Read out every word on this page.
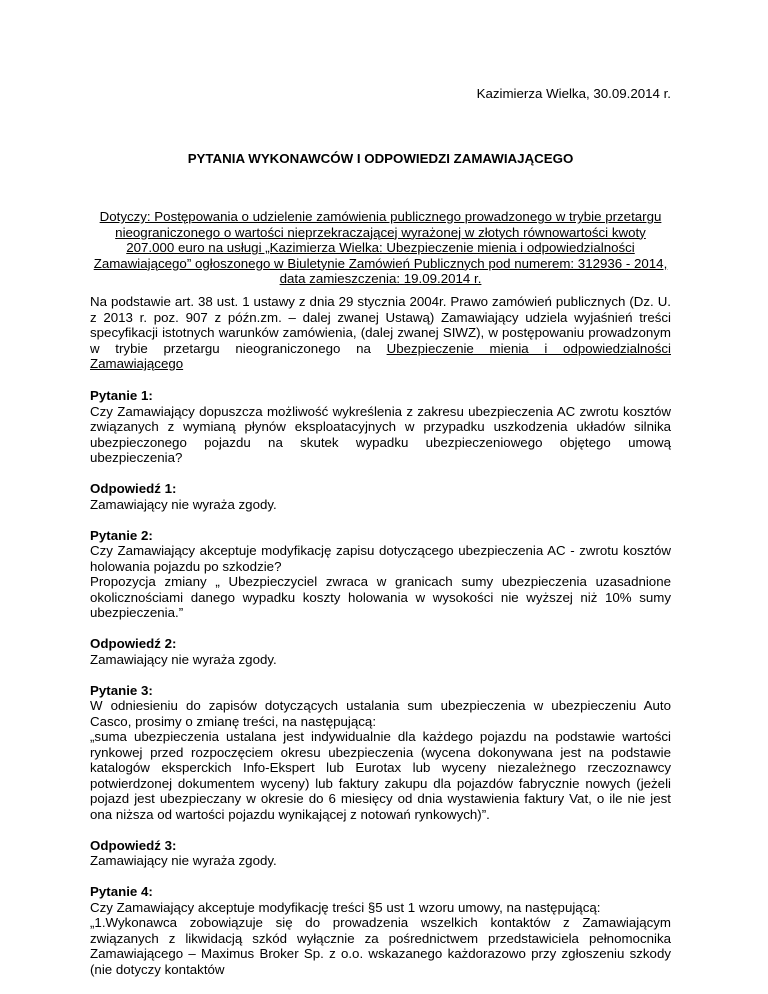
Kazimierza Wielka, 30.09.2014 r.
PYTANIA WYKONAWCÓW I ODPOWIEDZI ZAMAWIAJĄCEGO
Dotyczy: Postępowania o udzielenie zamówienia publicznego prowadzonego w trybie przetargu nieograniczonego o wartości nieprzekraczającej wyrażonej w złotych równowartości kwoty 207.000 euro na usługi „Kazimierza Wielka: Ubezpieczenie mienia i odpowiedzialności Zamawiającego” ogłoszonego w Biuletynie Zamówień Publicznych pod numerem: 312936 - 2014, data zamieszczenia: 19.09.2014 r.
Na podstawie art. 38 ust. 1 ustawy z dnia 29 stycznia 2004r. Prawo zamówień publicznych (Dz. U. z 2013 r. poz. 907 z późn.zm. – dalej zwanej Ustawą) Zamawiający udziela wyjaśnień treści specyfikacji istotnych warunków zamówienia, (dalej zwanej SIWZ), w postępowaniu prowadzonym w trybie przetargu nieograniczonego na Ubezpieczenie mienia i odpowiedzialności Zamawiającego
Pytanie 1:
Czy Zamawiający dopuszcza możliwość wykreślenia z zakresu ubezpieczenia AC zwrotu kosztów związanych z wymianą płynów eksploatacyjnych w przypadku uszkodzenia układów silnika ubezpieczonego pojazdu na skutek wypadku ubezpieczeniowego objętego umową ubezpieczenia?
Odpowiedź 1:
Zamawiający nie wyraża zgody.
Pytanie 2:
Czy Zamawiający akceptuje modyfikację zapisu dotyczącego ubezpieczenia AC - zwrotu kosztów holowania pojazdu po szkodzie?
Propozycja zmiany „ Ubezpieczyciel zwraca w granicach sumy ubezpieczenia uzasadnione okolicznościami danego wypadku koszty holowania w wysokości nie wyższej niż 10% sumy ubezpieczenia.”
Odpowiedź 2:
Zamawiający nie wyraża zgody.
Pytanie 3:
W odniesieniu do zapisów dotyczących ustalania sum ubezpieczenia w ubezpieczeniu Auto Casco, prosimy o zmianę treści, na następującą:
„suma ubezpieczenia ustalana jest indywidualnie dla każdego pojazdu na podstawie wartości rynkowej przed rozpoczęciem okresu ubezpieczenia (wycena dokonywana jest na podstawie katalogów eksperckich Info-Ekspert lub Eurotax lub wyceny niezależnego rzeczoznawcy potwierdzonej dokumentem wyceny) lub faktury zakupu dla pojazdów fabrycznie nowych (jeżeli pojazd jest ubezpieczany w okresie do 6 miesięcy od dnia wystawienia faktury Vat, o ile nie jest ona niższa od wartości pojazdu wynikającej z notowań rynkowych)”.
Odpowiedź 3:
Zamawiający nie wyraża zgody.
Pytanie 4:
Czy Zamawiający akceptuje modyfikację treści §5 ust 1 wzoru umowy, na następującą:
„1.Wykonawca zobowiązuje się do prowadzenia wszelkich kontaktów z Zamawiającym związanych z likwidacją szkód wyłącznie za pośrednictwem przedstawiciela pełnomocnika Zamawiającego – Maximus Broker Sp. z o.o. wskazanego każdorazowo przy zgłoszeniu szkody (nie dotyczy kontaktów
